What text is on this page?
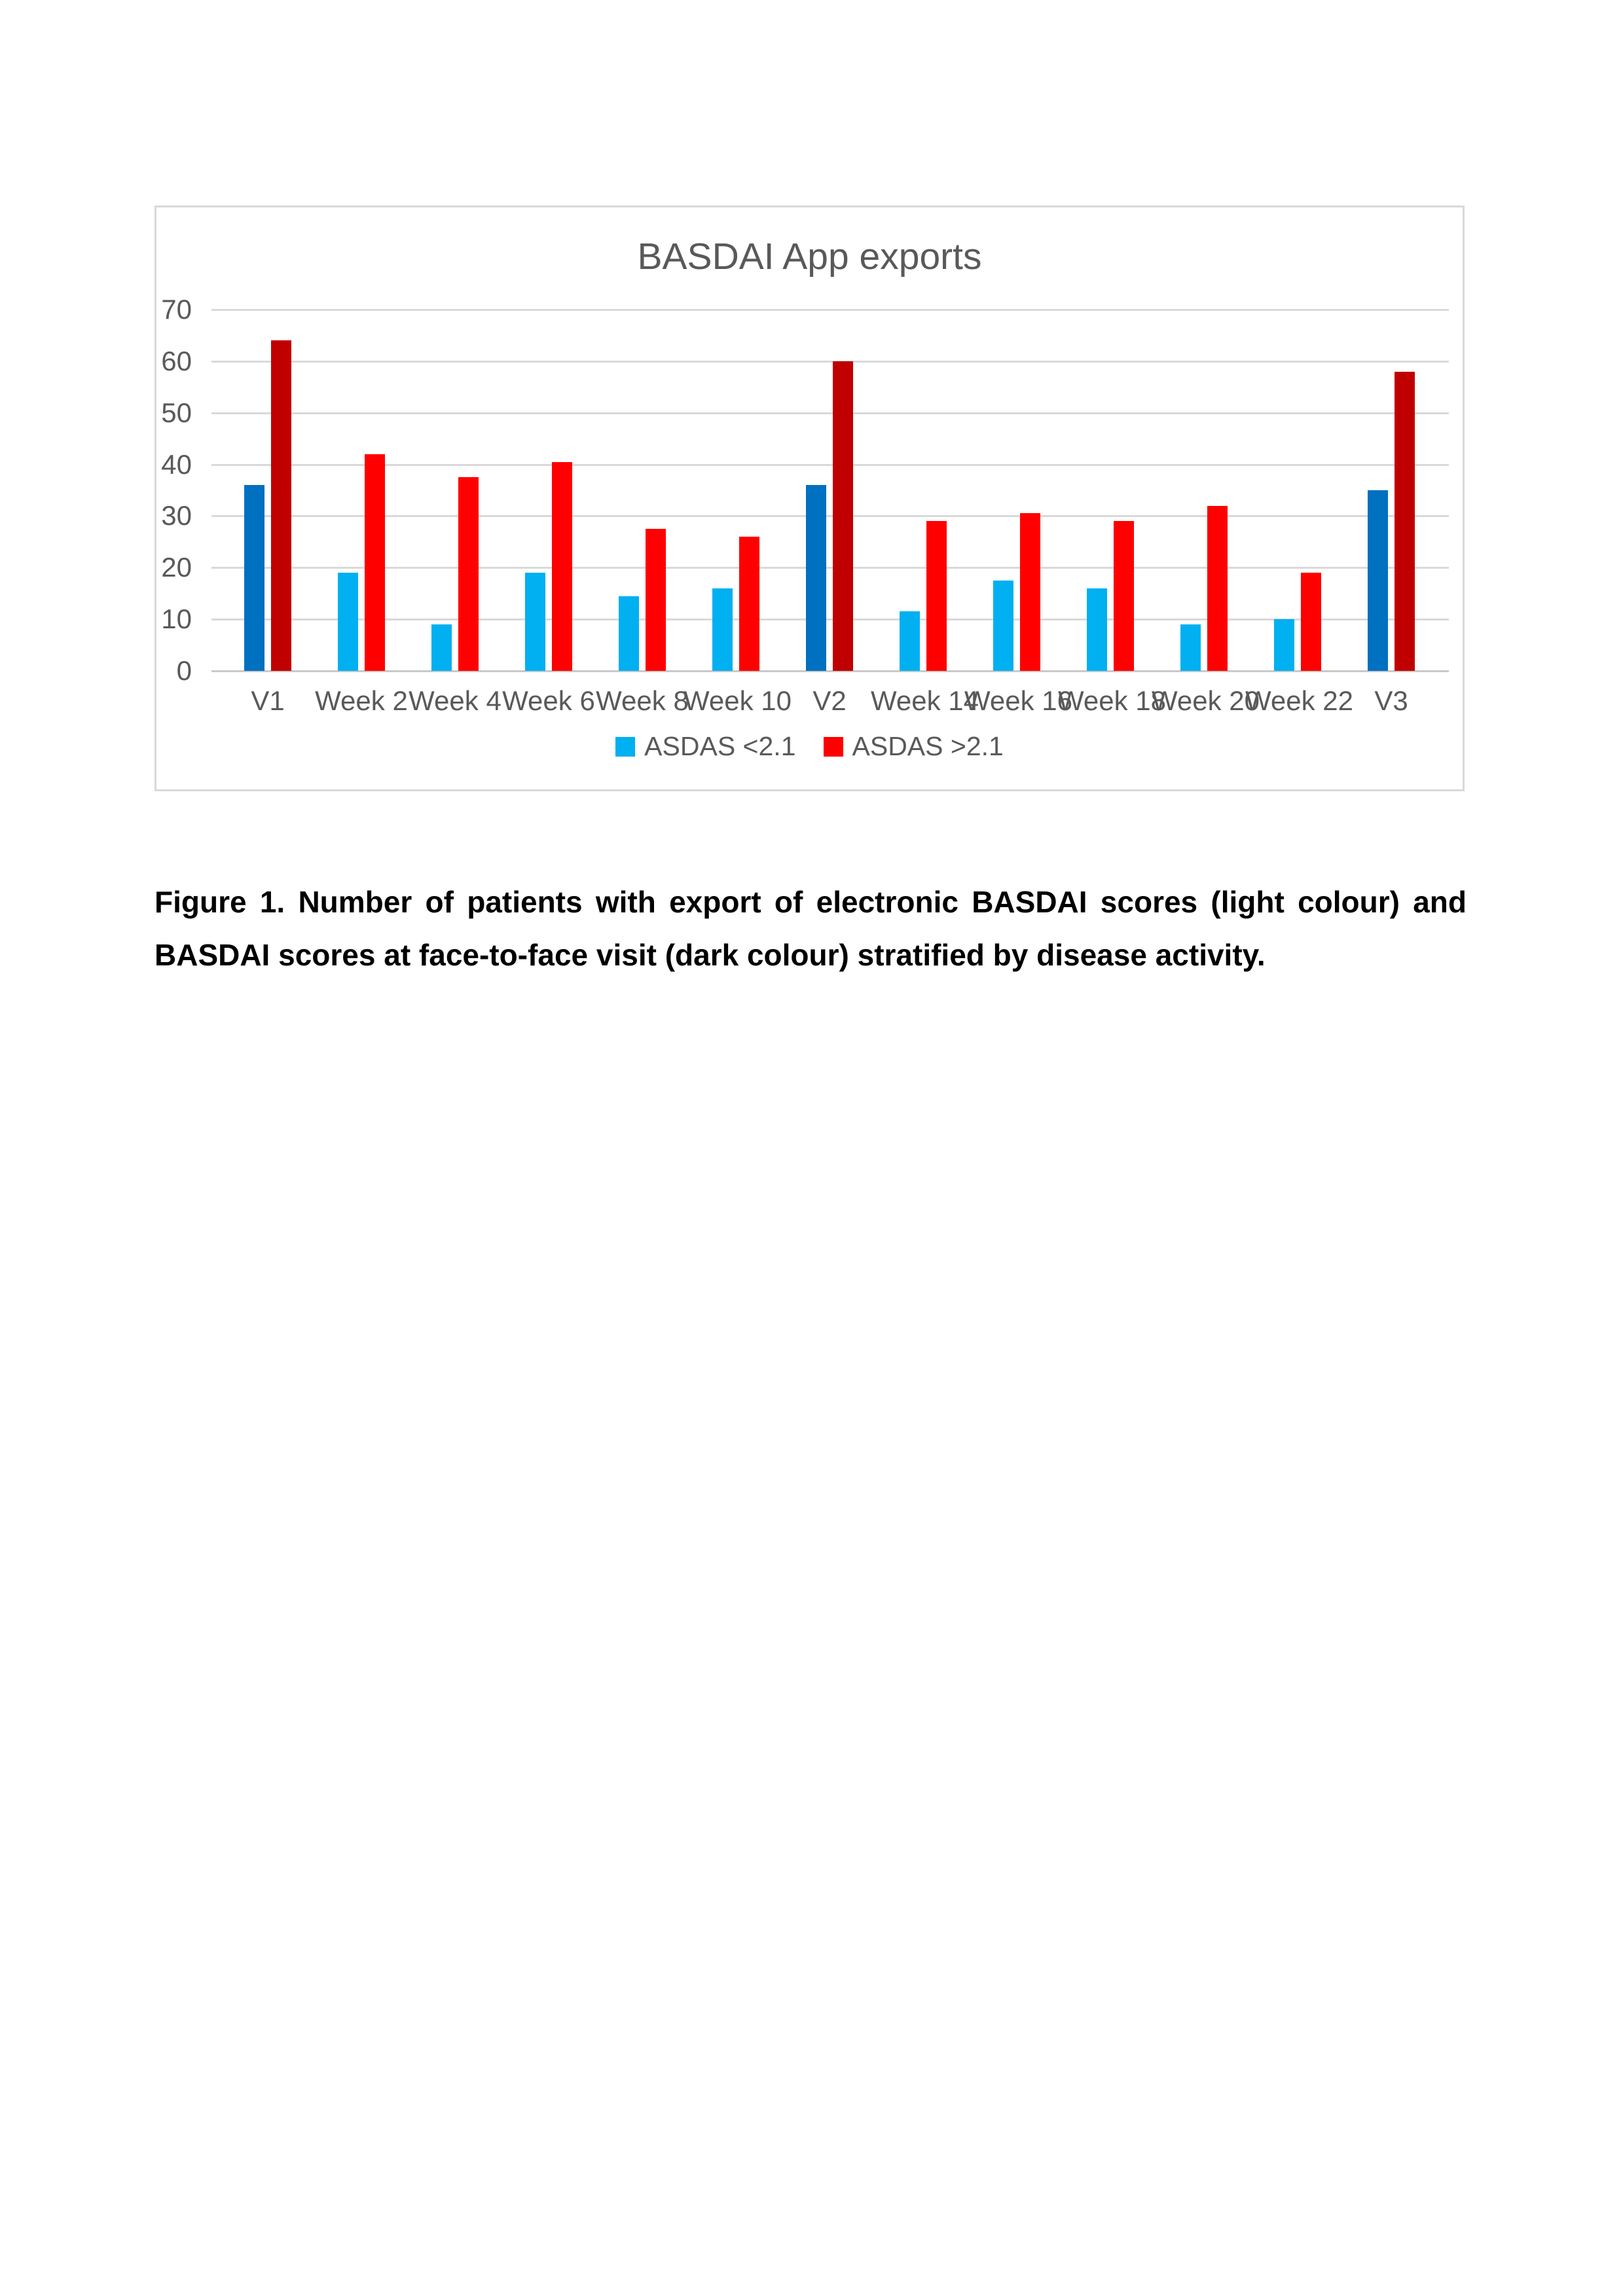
BASDAI App exports
0
10
20
30
40
50
60
70
V1	Week 2 Week 4 Week 6 Week 8
Week 10 V2 Week 14
Week 16
Week 18
Week 20
Week 22 V3
ASDAS <2.1 ASDAS >2.1
Figure 1. Number of patients with export of electronic BASDAI scores (light colour) and
BASDAI scores at face-to-face visit (dark colour) stratified by disease activity.
